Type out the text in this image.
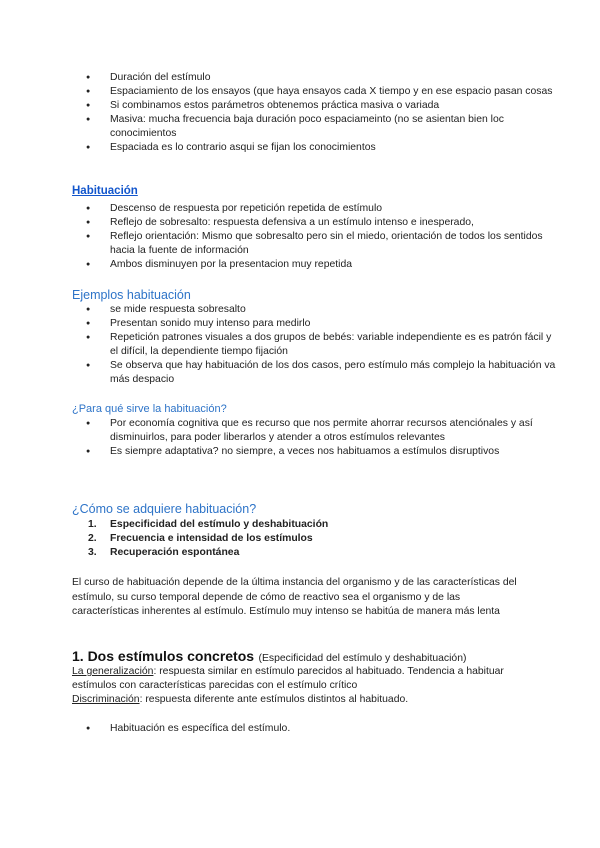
● Duración del estímulo
● Espaciamiento de los ensayos (que haya ensayos cada X tiempo y en ese espacio pasan cosas
● Si combinamos estos parámetros obtenemos práctica masiva o variada
● Masiva: mucha frecuencia baja duración poco espaciameinto (no se asientan bien loc conocimientos
● Espaciada es lo contrario asqui se fijan los conocimientos
Habituación
● Descenso de respuesta por repetición repetida de estímulo
● Reflejo de sobresalto: respuesta defensiva a un estímulo intenso e inesperado,
● Reflejo orientación: Mismo que sobresalto pero sin el miedo, orientación de todos los sentidos hacia la fuente de información
● Ambos disminuyen por la presentacion muy repetida
Ejemplos habituación
● se mide respuesta sobresalto
● Presentan sonido muy intenso para medirlo
● Repetición patrones visuales a dos grupos de bebés: variable independiente es es patrón fácil y el difícil, la dependiente tiempo fijación
● Se observa que hay habituación de los dos casos, pero estímulo más complejo la habituación va más despacio
¿Para qué sirve la habituación?
● Por economía cognitiva que es recurso que nos permite ahorrar recursos atenciónales y así disminuirlos, para poder liberarlos y atender a otros estímulos relevantes
● Es siempre adaptativa? no siempre, a veces nos habituamos a estímulos disruptivos
¿Cómo se adquiere habituación?
1. Especificidad del estímulo y deshabituación
2. Frecuencia e intensidad de los estímulos
3. Recuperación espontánea
El curso de habituación depende de la última instancia del organismo y de las características del estímulo, su curso temporal depende de cómo de reactivo sea el organismo y de las características inherentes al estímulo. Estímulo muy intenso se habitúa de manera más lenta
1. Dos estímulos concretos (Especificidad del estímulo y deshabituación)
La generalización: respuesta similar en estímulo parecidos al habituado. Tendencia a habituar estímulos con características parecidas con el estímulo crítico
Discriminación: respuesta diferente ante estímulos distintos al habituado.
● Habituación es específica del estímulo.
